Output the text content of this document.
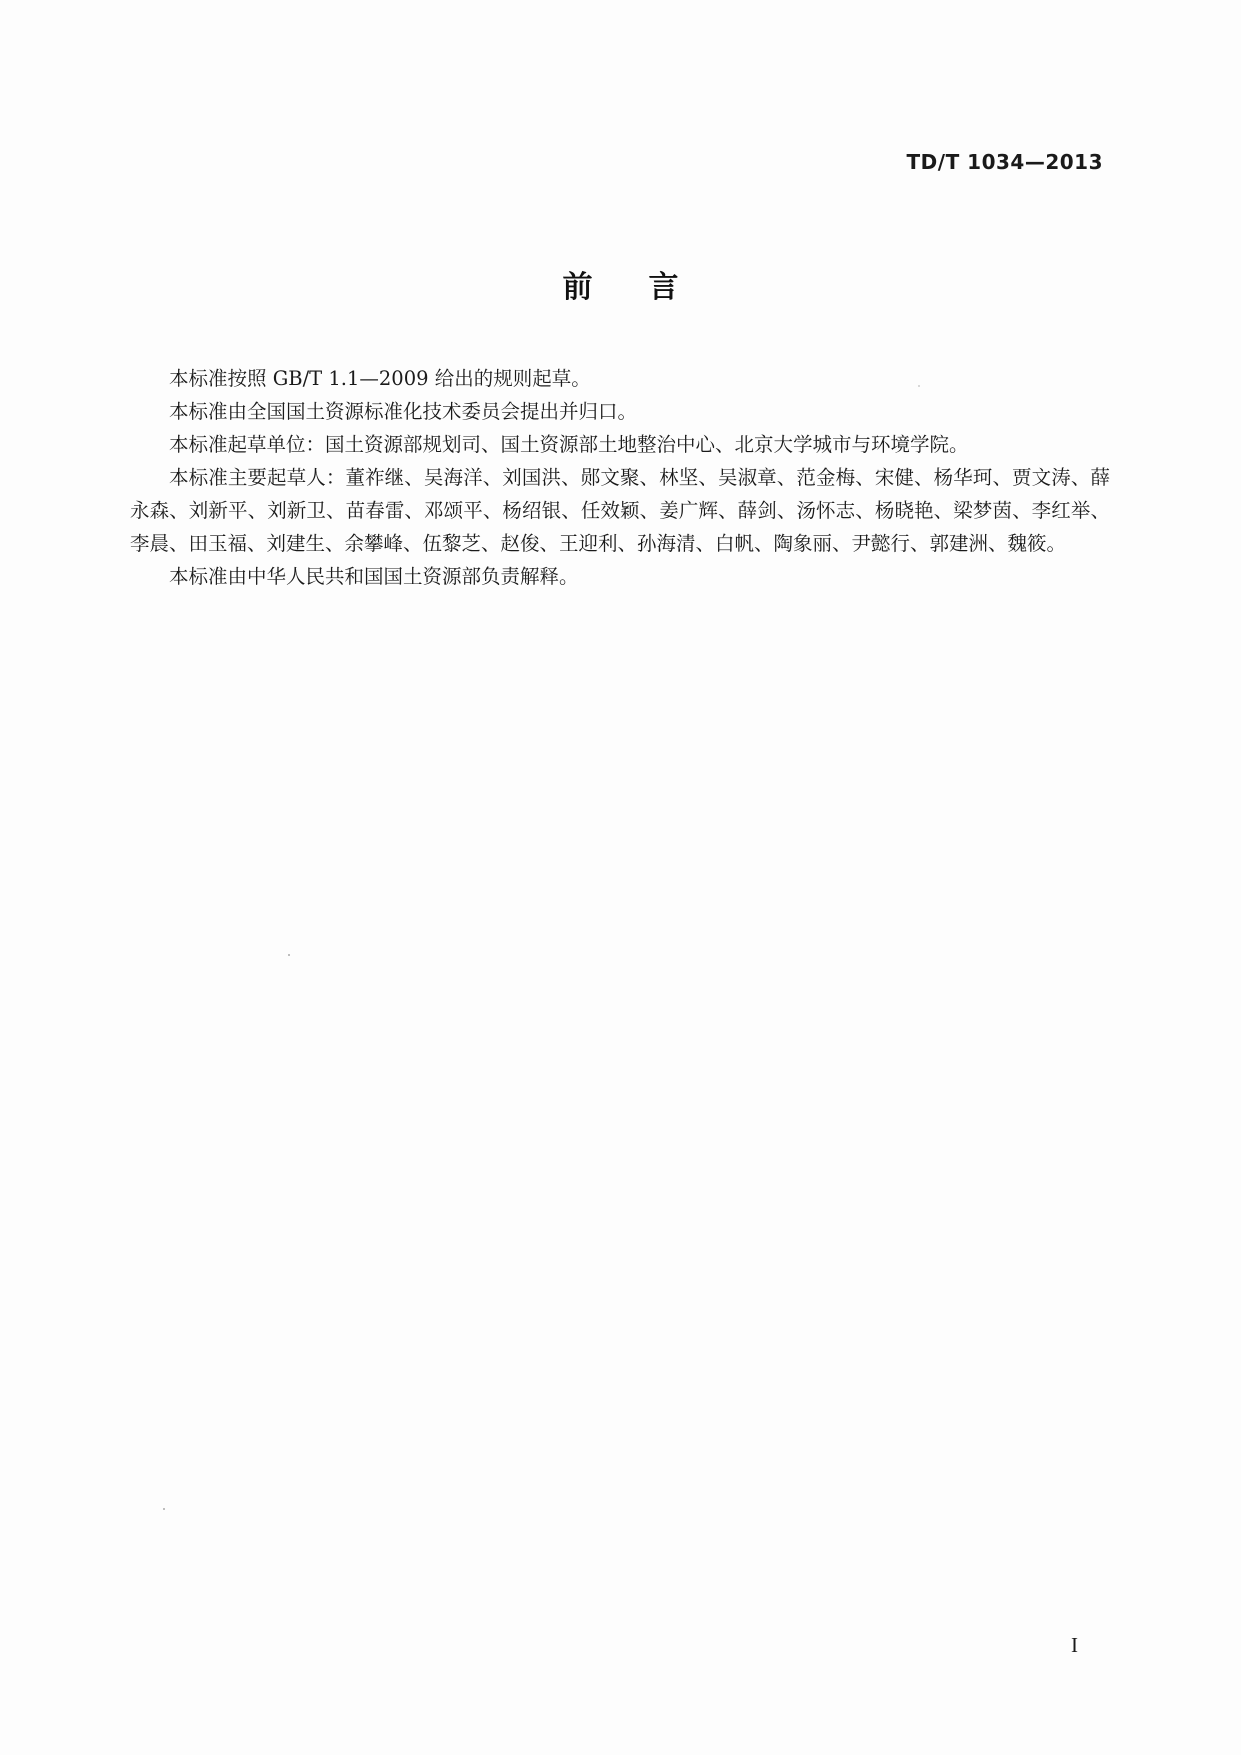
TD/T 1034—2013
前言

本标准按照 GB/T 1.1—2009 给出的规则起草。

本标准由全国国土资源标准化技术委员会提出并归口。

本标准起草单位：国土资源部规划司、国土资源部土地整治中心、北京大学城市与环境学院。

本标准主要起草人：董祚继、吴海洋、刘国洪、郧文聚、林坚、吴淑章、范金梅、宋健、杨华珂、贾文涛、薛永森、刘新平、刘新卫、苗春雷、邓颂平、杨绍银、任效颖、姜广辉、薛剑、汤怀志、杨晓艳、梁梦茵、李红举、李晨、田玉福、刘建生、余攀峰、伍黎芝、赵俊、王迎利、孙海清、白帆、陶象丽、尹懿行、郭建洲、魏筱。

本标准由中华人民共和国国土资源部负责解释。

I
